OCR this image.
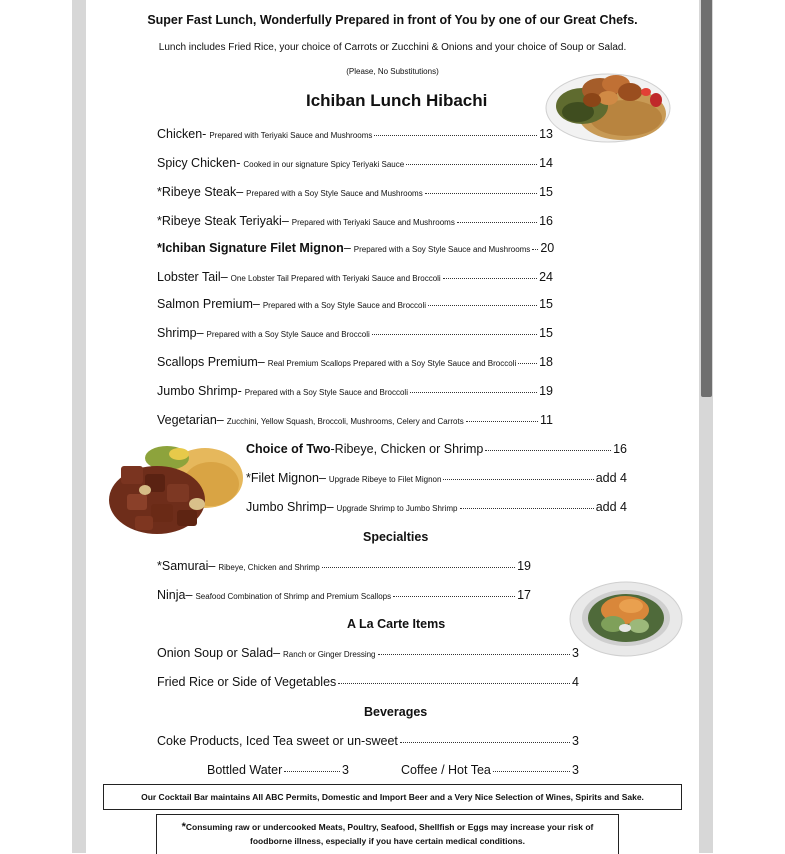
Super Fast Lunch, Wonderfully Prepared in front of You by one of our Great Chefs.
Lunch includes Fried Rice, your choice of Carrots or Zucchini & Onions and your choice of Soup or Salad.
(Please, No Substitutions)
Ichiban Lunch Hibachi
Chicken - Prepared with Teriyaki Sauce and Mushrooms	13
Spicy Chicken - Cooked in our signature Spicy Teriyaki Sauce	14
*Ribeye Steak – Prepared with a Soy Style Sauce and Mushrooms	15
*Ribeye Steak Teriyaki – Prepared with Teriyaki Sauce and Mushrooms	16
*Ichiban Signature Filet Mignon – Prepared with a Soy Style Sauce and Mushrooms 20
Lobster Tail – One Lobster Tail Prepared with Teriyaki Sauce and Broccoli	24
Salmon Premium – Prepared with a Soy Style Sauce and Broccoli	15
Shrimp – Prepared with a Soy Style Sauce and Broccoli	15
Scallops Premium – Real Premium Scallops Prepared with a Soy Style Sauce and Broccoli 18
Jumbo Shrimp - Prepared with a Soy Style Sauce and Broccoli	19
Vegetarian – Zucchini, Yellow Squash, Broccoli, Mushrooms, Celery and Carrots	11
Choice of Two - Ribeye, Chicken or Shrimp	16
*Filet Mignon – Upgrade Ribeye to Filet Mignon	add 4
Jumbo Shrimp – Upgrade Shrimp to Jumbo Shrimp	add 4
Specialties
*Samurai – Ribeye, Chicken and Shrimp	19
Ninja – Seafood Combination of Shrimp and Premium Scallops	17
A La Carte Items
Onion Soup or Salad – Ranch or Ginger Dressing	3
Fried Rice or Side of Vegetables	4
Beverages
Coke Products, Iced Tea sweet or un-sweet	3
Bottled Water	3	Coffee / Hot Tea	3
Our Cocktail Bar maintains All ABC Permits, Domestic and Import Beer and a Very Nice Selection of Wines, Spirits and Sake.
*Consuming raw or undercooked Meats, Poultry, Seafood, Shellfish or Eggs may increase your risk of
foodborne illness, especially if you have certain medical conditions.
